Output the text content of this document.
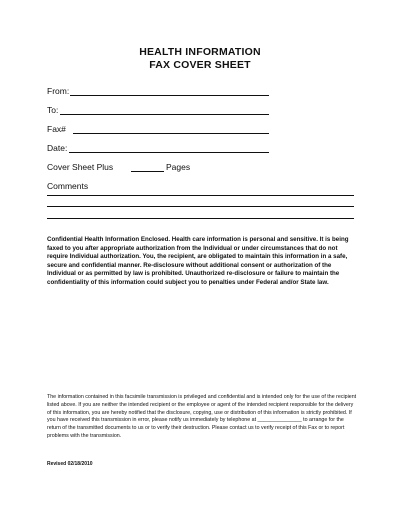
HEALTH INFORMATION
FAX COVER SHEET
From:
To:
Fax#
Date:
Cover Sheet Plus	Pages
Comments
Confidential Health Information Enclosed. Health care information is personal and sensitive. It is being faxed to you after appropriate authorization from the Individual or under circumstances that do not require Individual authorization. You, the recipient, are obligated to maintain this information in a safe, secure and confidential manner. Re-disclosure without additional consent or authorization of the Individual or as permitted by law is prohibited. Unauthorized re-disclosure or failure to maintain the confidentiality of this information could subject you to penalties under Federal and/or State law.
The information contained in this facsimile transmission is privileged and confidential and is intended only for the use of the recipient listed above. If you are neither the intended recipient or the employee or agent of the intended recipient responsible for the delivery of this information, you are hereby notified that the disclosure, copying, use or distribution of this information is strictly prohibited. If you have received this transmission in error, please notify us immediately by telephone at _______________ to arrange for the return of the transmitted documents to us or to verify their destruction. Please contact us to verify receipt of this Fax or to report problems with the transmission.
Revised 02/18/2010
